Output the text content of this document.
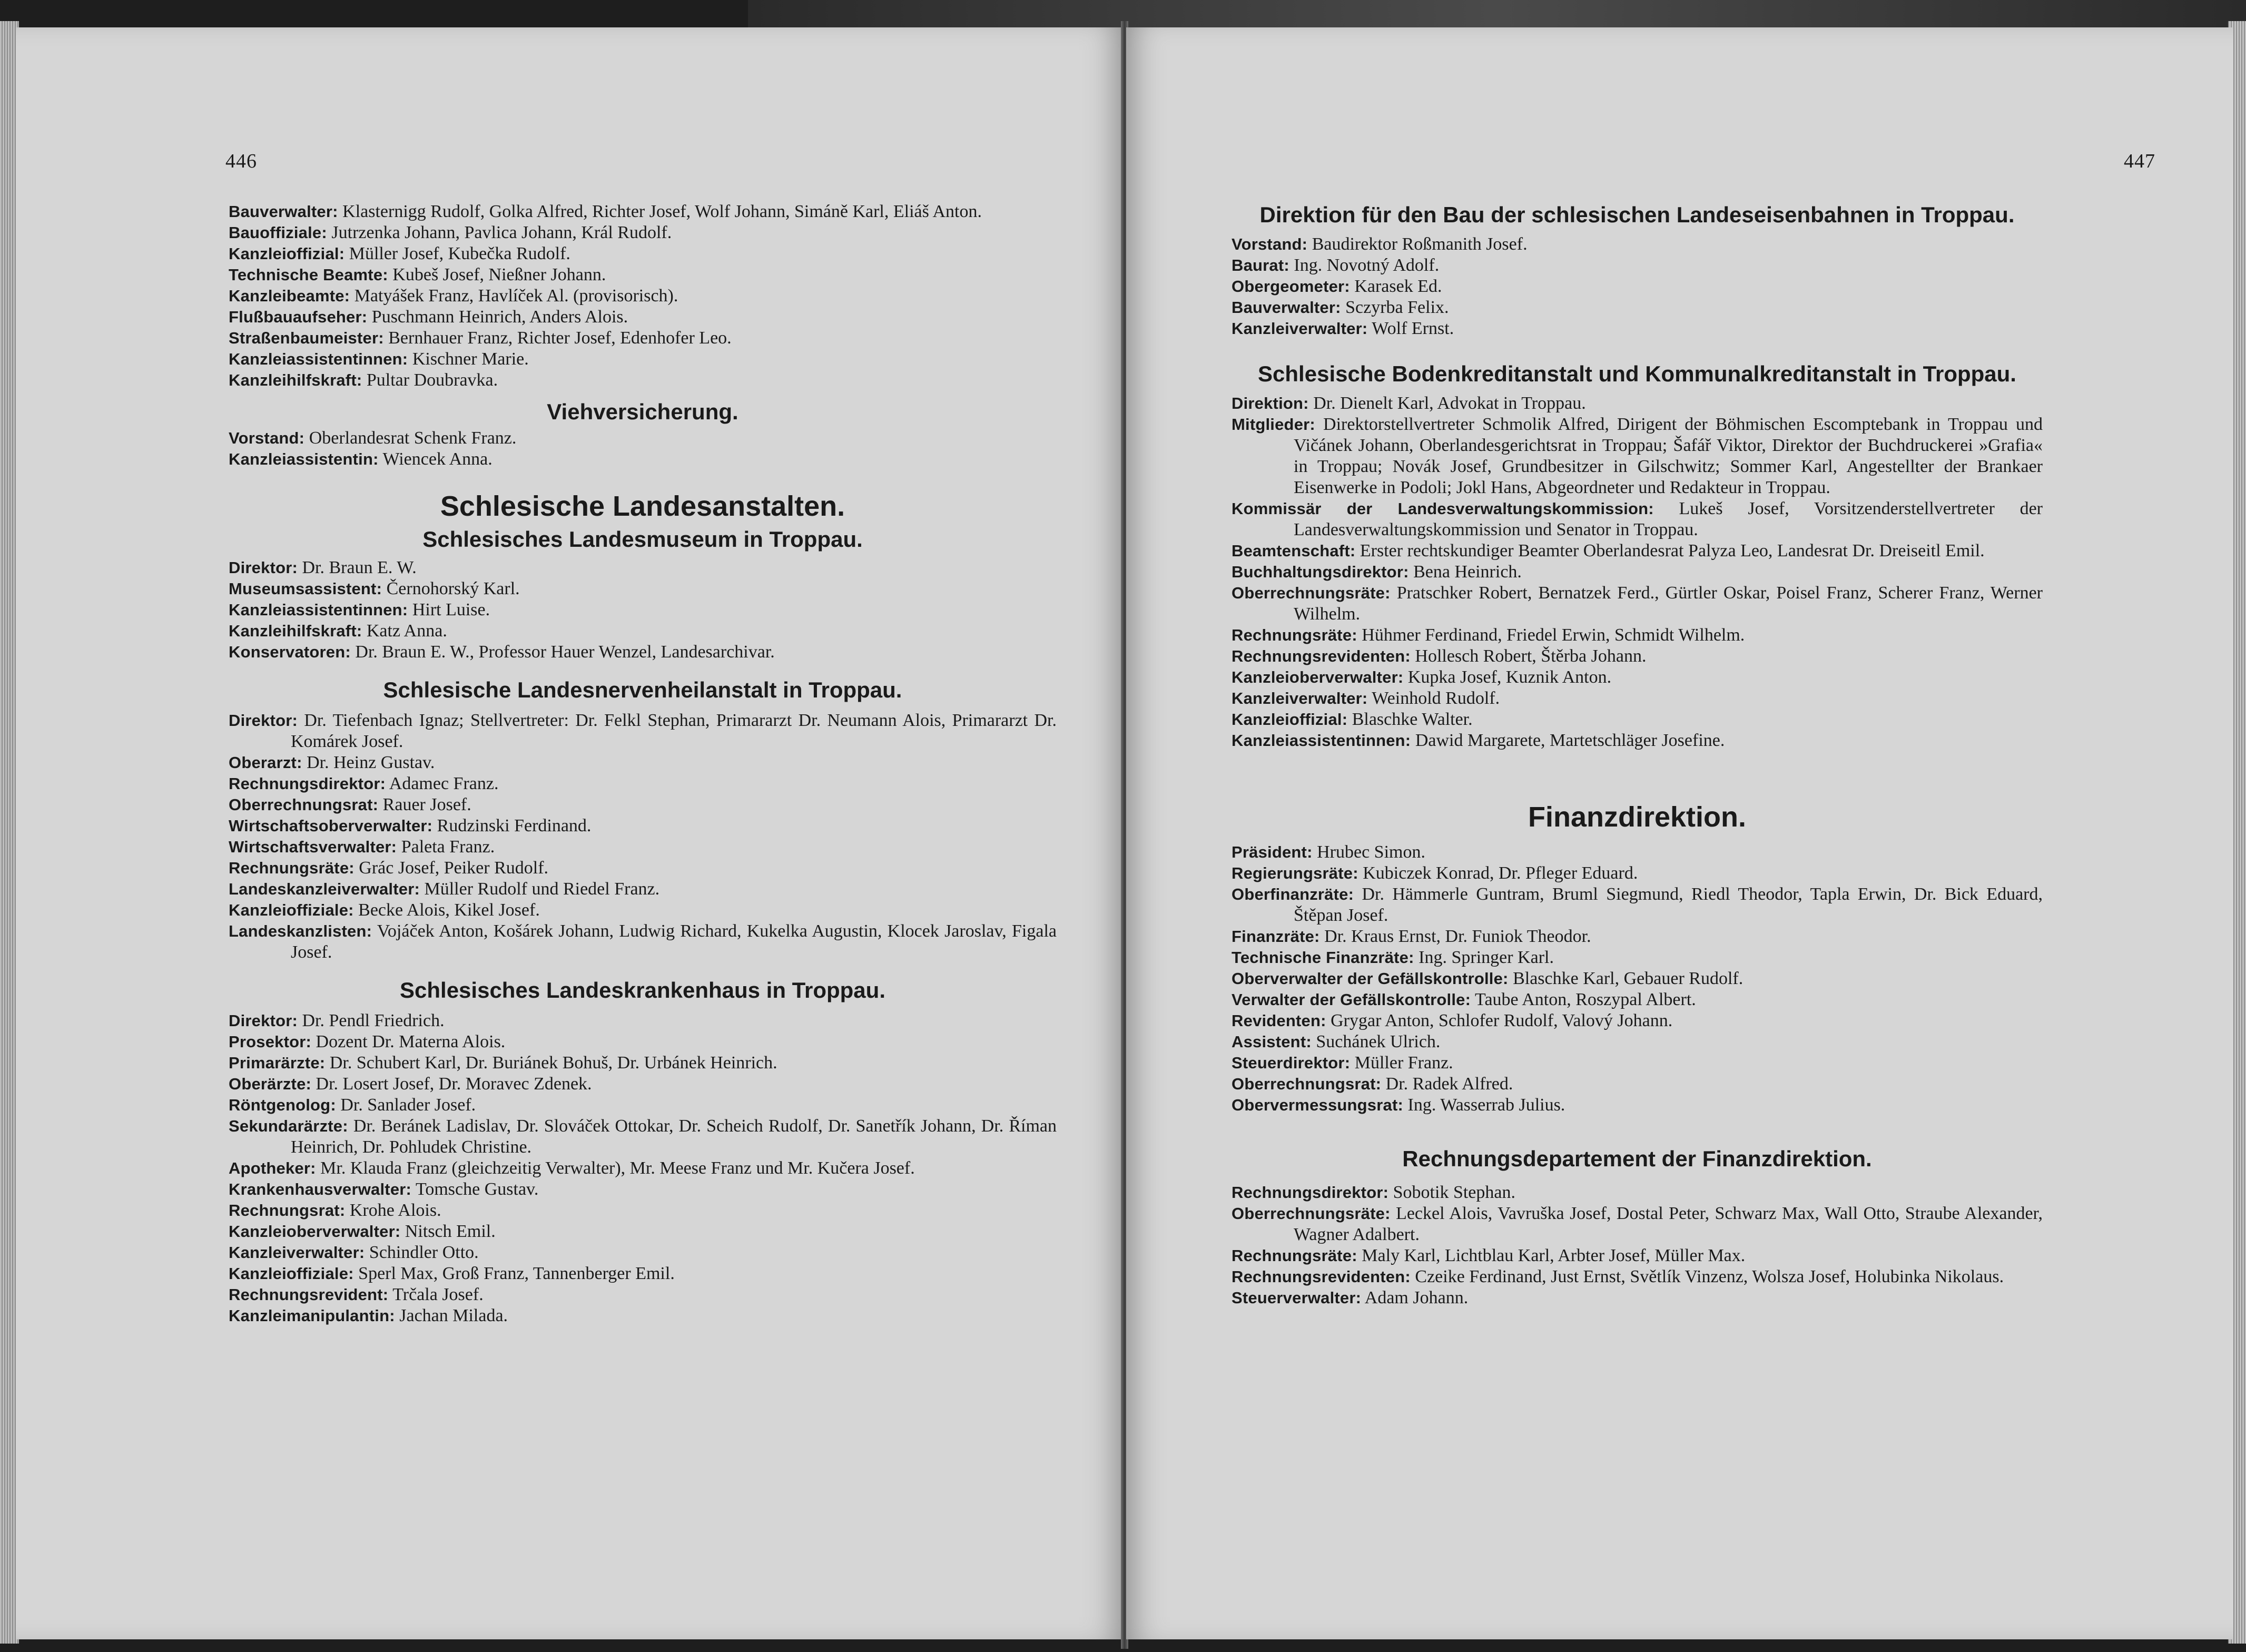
446

Bauverwalter: Klasternigg Rudolf, Golka Alfred, Richter Josef, Wolf Johann, Simáně Karl, Eliáš Anton.

Bauoffiziale: Jutrzenka Johann, Pavlica Johann, Král Rudolf.

Kanzleioffizial: Müller Josef, Kubečka Rudolf.

Technische Beamte: Kubeš Josef, Nießner Johann.

Kanzleibeamte: Matyášek Franz, Havlíček Al. (provisorisch).

Flußbauaufseher: Puschmann Heinrich, Anders Alois.

Straßenbaumeister: Bernhauer Franz, Richter Josef, Edenhofer Leo.

Kanzleiassistentinnen: Kischner Marie.

Kanzleihilfskraft: Pultar Doubravka.

Viehversicherung.

Vorstand: Oberlandesrat Schenk Franz.

Kanzleiassistentin: Wiencek Anna.

Schlesische Landesanstalten.
Schlesisches Landesmuseum in Troppau.

Direktor: Dr. Braun E. W.

Museumsassistent: Černohorský Karl.

Kanzleiassistentinnen: Hirt Luise.

Kanzleihilfskraft: Katz Anna.

Konservatoren: Dr. Braun E. W., Professor Hauer Wenzel, Landesarchivar.

Schlesische Landesnervenheilanstalt in Troppau.

Direktor: Dr. Tiefenbach Ignaz; Stellvertreter: Dr. Felkl Stephan, Primararzt Dr. Neumann Alois, Primararzt Dr. Komárek Josef.

Oberarzt: Dr. Heinz Gustav.

Rechnungsdirektor: Adamec Franz.

Oberrechnungsrat: Rauer Josef.

Wirtschaftsoberverwalter: Rudzinski Ferdinand.

Wirtschaftsverwalter: Paleta Franz.

Rechnungsräte: Grác Josef, Peiker Rudolf.

Landeskanzleiverwalter: Müller Rudolf und Riedel Franz.

Kanzleioffiziale: Becke Alois, Kikel Josef.

Landeskanzlisten: Vojáček Anton, Košárek Johann, Ludwig Richard, Kukelka Augustin, Klocek Jaroslav, Figala Josef.

Schlesisches Landeskrankenhaus in Troppau.

Direktor: Dr. Pendl Friedrich.

Prosektor: Dozent Dr. Materna Alois.

Primarärzte: Dr. Schubert Karl, Dr. Buriánek Bohuš, Dr. Urbánek Heinrich.

Oberärzte: Dr. Losert Josef, Dr. Moravec Zdenek.

Röntgenolog: Dr. Sanlader Josef.

Sekundarärzte: Dr. Beránek Ladislav, Dr. Slováček Ottokar, Dr. Scheich Rudolf, Dr. Sanetřík Johann, Dr. Říman Heinrich, Dr. Pohludek Christine.

Apotheker: Mr. Klauda Franz (gleichzeitig Verwalter), Mr. Meese Franz und Mr. Kučera Josef.

Krankenhausverwalter: Tomsche Gustav.

Rechnungsrat: Krohe Alois.

Kanzleioberverwalter: Nitsch Emil.

Kanzleiverwalter: Schindler Otto.

Kanzleioffiziale: Sperl Max, Groß Franz, Tannenberger Emil.

Rechnungsrevident: Trčala Josef.

Kanzleimanipulantin: Jachan Milada.

447
Direktion für den Bau der schlesischen Landeseisenbahnen in Troppau.

Vorstand: Baudirektor Roßmanith Josef.

Baurat: Ing. Novotný Adolf.

Obergeometer: Karasek Ed.

Bauverwalter: Sczyrba Felix.

Kanzleiverwalter: Wolf Ernst.

Schlesische Bodenkreditanstalt und Kommunalkreditanstalt in Troppau.

Direktion: Dr. Dienelt Karl, Advokat in Troppau.

Mitglieder: Direktorstellvertreter Schmolik Alfred, Dirigent der Böhmischen Escomptebank in Troppau und Vičánek Johann, Oberlandesgerichtsrat in Troppau; Šafář Viktor, Direktor der Buchdruckerei »Grafia« in Troppau; Novák Josef, Grundbesitzer in Gilschwitz; Sommer Karl, Angestellter der Brankaer Eisenwerke in Podoli; Jokl Hans, Abgeordneter und Redakteur in Troppau.

Kommissär der Landesverwaltungskommission: Lukeš Josef, Vorsitzenderstellvertreter der Landesverwaltungskommission und Senator in Troppau.

Beamtenschaft: Erster rechtskundiger Beamter Oberlandesrat Palyza Leo, Landesrat Dr. Dreiseitl Emil.

Buchhaltungsdirektor: Bena Heinrich.

Oberrechnungsräte: Pratschker Robert, Bernatzek Ferd., Gürtler Oskar, Poisel Franz, Scherer Franz, Werner Wilhelm.

Rechnungsräte: Hühmer Ferdinand, Friedel Erwin, Schmidt Wilhelm.

Rechnungsrevidenten: Hollesch Robert, Štěrba Johann.

Kanzleioberverwalter: Kupka Josef, Kuznik Anton.

Kanzleiverwalter: Weinhold Rudolf.

Kanzleioffizial: Blaschke Walter.

Kanzleiassistentinnen: Dawid Margarete, Martetschläger Josefine.

Finanzdirektion.

Präsident: Hrubec Simon.

Regierungsräte: Kubiczek Konrad, Dr. Pfleger Eduard.

Oberfinanzräte: Dr. Hämmerle Guntram, Bruml Siegmund, Riedl Theodor, Tapla Erwin, Dr. Bick Eduard, Štěpan Josef.

Finanzräte: Dr. Kraus Ernst, Dr. Funiok Theodor.

Technische Finanzräte: Ing. Springer Karl.

Oberverwalter der Gefällskontrolle: Blaschke Karl, Gebauer Rudolf.

Verwalter der Gefällskontrolle: Taube Anton, Roszypal Albert.

Revidenten: Grygar Anton, Schlofer Rudolf, Valový Johann.

Assistent: Suchánek Ulrich.

Steuerdirektor: Müller Franz.

Oberrechnungsrat: Dr. Radek Alfred.

Obervermessungsrat: Ing. Wasserrab Julius.

Rechnungsdepartement der Finanzdirektion.

Rechnungsdirektor: Sobotik Stephan.

Oberrechnungsräte: Leckel Alois, Vavruška Josef, Dostal Peter, Schwarz Max, Wall Otto, Straube Alexander, Wagner Adalbert.

Rechnungsräte: Maly Karl, Lichtblau Karl, Arbter Josef, Müller Max.

Rechnungsrevidenten: Czeike Ferdinand, Just Ernst, Světlík Vinzenz, Wolsza Josef, Holubinka Nikolaus.

Steuerverwalter: Adam Johann.
